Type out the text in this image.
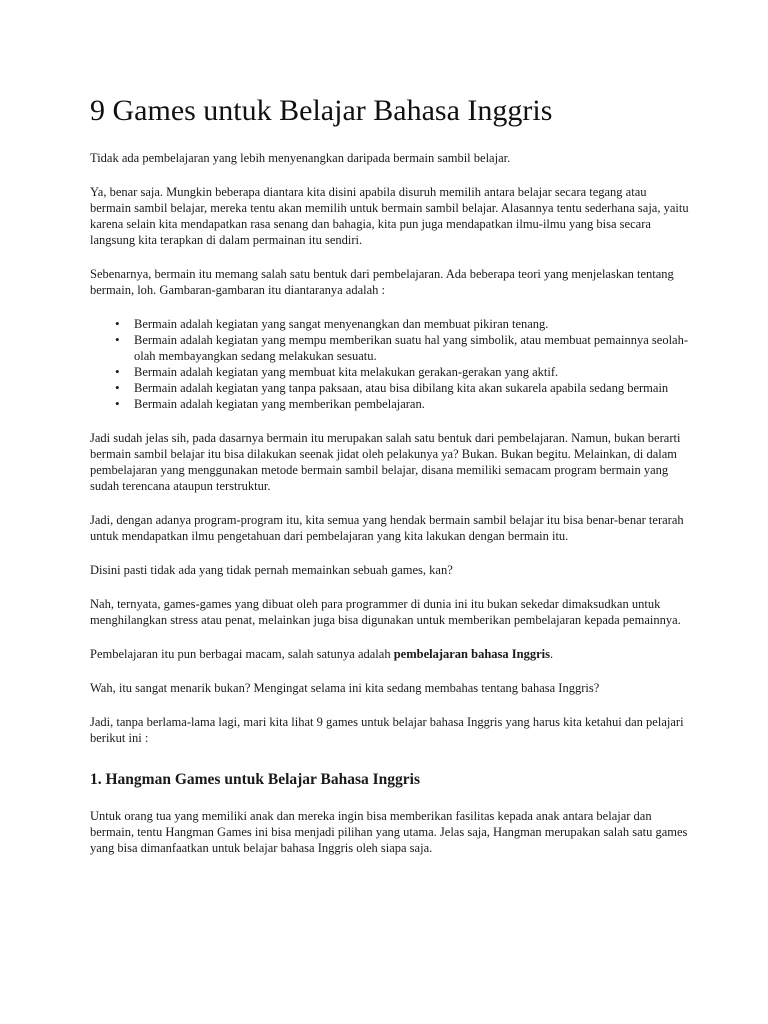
9 Games untuk Belajar Bahasa Inggris

Tidak ada pembelajaran yang lebih menyenangkan daripada bermain sambil belajar.

Ya, benar saja. Mungkin beberapa diantara kita disini apabila disuruh memilih antara belajar secara tegang atau bermain sambil belajar, mereka tentu akan memilih untuk bermain sambil belajar. Alasannya tentu sederhana saja, yaitu karena selain kita mendapatkan rasa senang dan bahagia, kita pun juga mendapatkan ilmu-ilmu yang bisa secara langsung kita terapkan di dalam permainan itu sendiri.

Sebenarnya, bermain itu memang salah satu bentuk dari pembelajaran. Ada beberapa teori yang menjelaskan tentang bermain, loh. Gambaran-gambaran itu diantaranya adalah :

• Bermain adalah kegiatan yang sangat menyenangkan dan membuat pikiran tenang.
• Bermain adalah kegiatan yang mempu memberikan suatu hal yang simbolik, atau membuat pemainnya seolah-olah membayangkan sedang melakukan sesuatu.
• Bermain adalah kegiatan yang membuat kita melakukan gerakan-gerakan yang aktif.
• Bermain adalah kegiatan yang tanpa paksaan, atau bisa dibilang kita akan sukarela apabila sedang bermain
• Bermain adalah kegiatan yang memberikan pembelajaran.

Jadi sudah jelas sih, pada dasarnya bermain itu merupakan salah satu bentuk dari pembelajaran. Namun, bukan berarti bermain sambil belajar itu bisa dilakukan seenak jidat oleh pelakunya ya? Bukan. Bukan begitu. Melainkan, di dalam pembelajaran yang menggunakan metode bermain sambil belajar, disana memiliki semacam program bermain yang sudah terencana ataupun terstruktur.

Jadi, dengan adanya program-program itu, kita semua yang hendak bermain sambil belajar itu bisa benar-benar terarah untuk mendapatkan ilmu pengetahuan dari pembelajaran yang kita lakukan dengan bermain itu.

Disini pasti tidak ada yang tidak pernah memainkan sebuah games, kan?

Nah, ternyata, games-games yang dibuat oleh para programmer di dunia ini itu bukan sekedar dimaksudkan untuk menghilangkan stress atau penat, melainkan juga bisa digunakan untuk memberikan pembelajaran kepada pemainnya.

Pembelajaran itu pun berbagai macam, salah satunya adalah pembelajaran bahasa Inggris.

Wah, itu sangat menarik bukan? Mengingat selama ini kita sedang membahas tentang bahasa Inggris?

Jadi, tanpa berlama-lama lagi, mari kita lihat 9 games untuk belajar bahasa Inggris yang harus kita ketahui dan pelajari berikut ini :

1. Hangman Games untuk Belajar Bahasa Inggris

Untuk orang tua yang memiliki anak dan mereka ingin bisa memberikan fasilitas kepada anak antara belajar dan bermain, tentu Hangman Games ini bisa menjadi pilihan yang utama. Jelas saja, Hangman merupakan salah satu games yang bisa dimanfaatkan untuk belajar bahasa Inggris oleh siapa saja.
